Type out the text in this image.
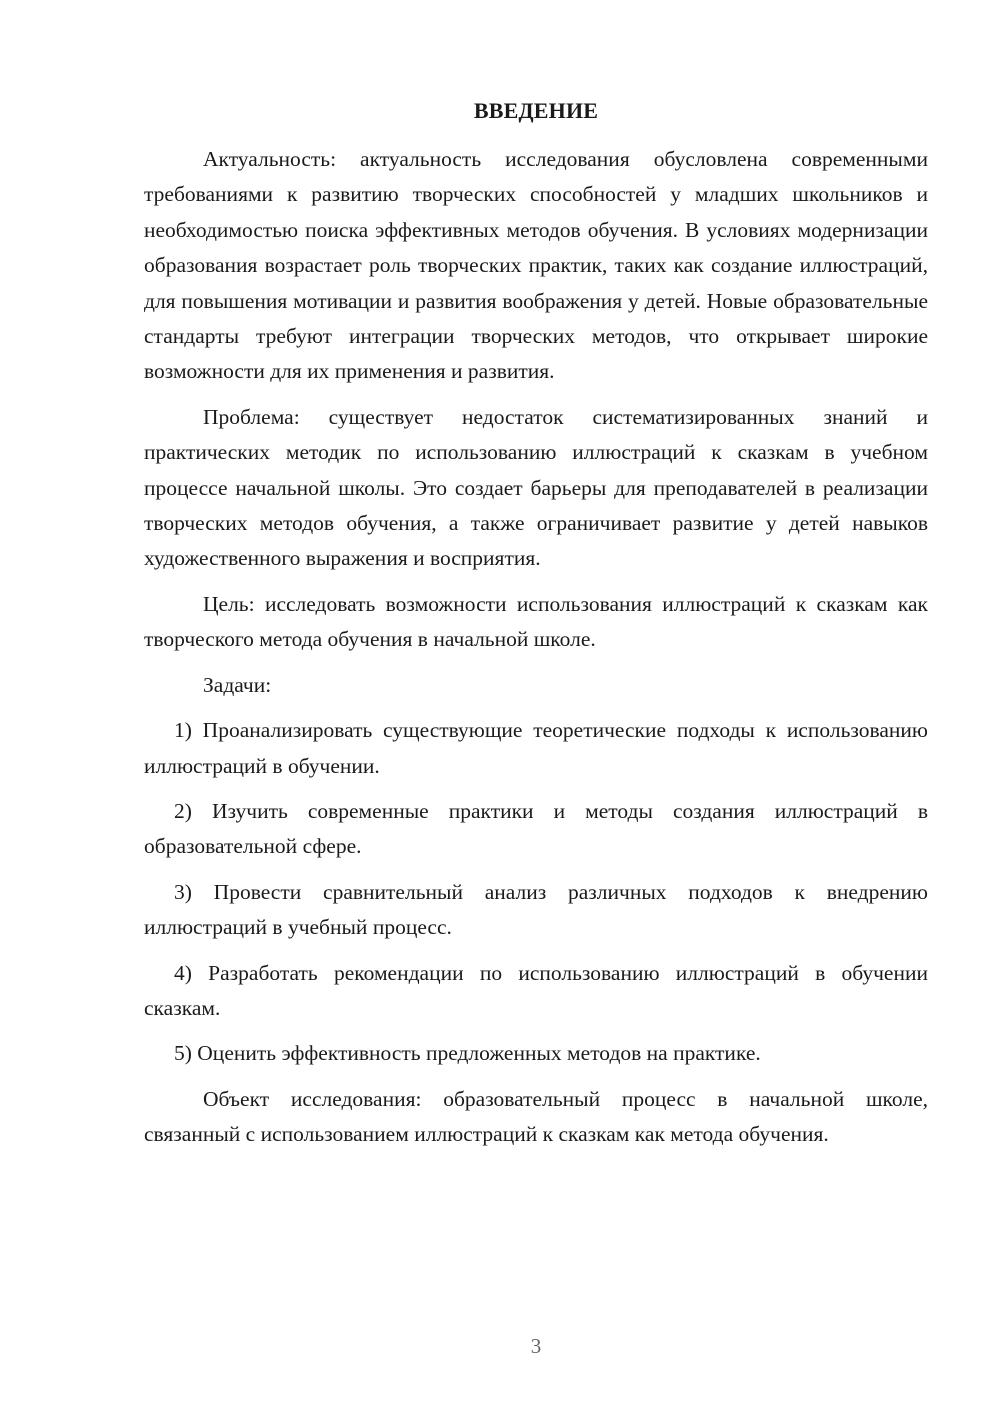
ВВЕДЕНИЕ

Актуальность: актуальность исследования обусловлена современными требованиями к развитию творческих способностей у младших школьников и необходимостью поиска эффективных методов обучения. В условиях модернизации образования возрастает роль творческих практик, таких как создание иллюстраций, для повышения мотивации и развития воображения у детей. Новые образовательные стандарты требуют интеграции творческих методов, что открывает широкие возможности для их применения и развития.

Проблема: существует недостаток систематизированных знаний и практических методик по использованию иллюстраций к сказкам в учебном процессе начальной школы. Это создает барьеры для преподавателей в реализации творческих методов обучения, а также ограничивает развитие у детей навыков художественного выражения и восприятия.

Цель: исследовать возможности использования иллюстраций к сказкам как творческого метода обучения в начальной школе.

Задачи:

1) Проанализировать существующие теоретические подходы к использованию иллюстраций в обучении.

2) Изучить современные практики и методы создания иллюстраций в образовательной сфере.

3) Провести сравнительный анализ различных подходов к внедрению иллюстраций в учебный процесс.

4) Разработать рекомендации по использованию иллюстраций в обучении сказкам.

5) Оценить эффективность предложенных методов на практике.

Объект исследования: образовательный процесс в начальной школе, связанный с использованием иллюстраций к сказкам как метода обучения.

3
